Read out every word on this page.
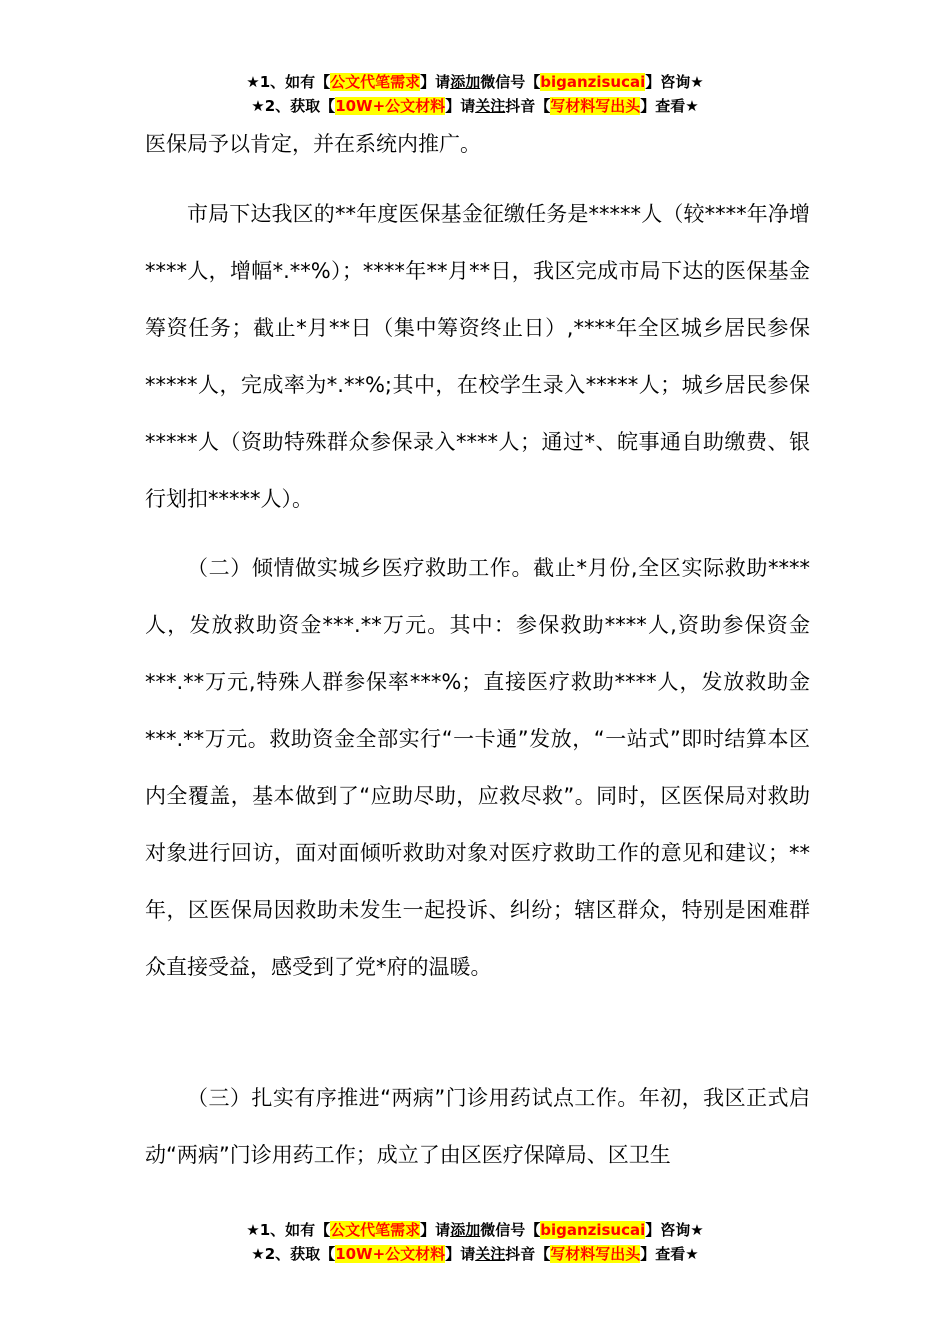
★1、如有【公文代笔需求】请添加微信号【biganzisucai】咨询★
★2、获取【10W+公文材料】请关注抖音【写材料写出头】查看★

医保局予以肯定，并在系统内推广。

市局下达我区的**年度医保基金征缴任务是*****人（较****年净增****人，增幅*.**%）；****年**月**日，我区完成市局下达的医保基金筹资任务；截止*月**日（集中筹资终止日）,****年全区城乡居民参保*****人，完成率为*.**%;其中，在校学生录入*****人；城乡居民参保*****人（资助特殊群众参保录入****人；通过*、皖事通自助缴费、银行划扣*****人）。

（二）倾情做实城乡医疗救助工作。截止*月份,全区实际救助****人，发放救助资金***.**万元。其中：参保救助****人,资助参保资金***.**万元,特殊人群参保率***%；直接医疗救助****人，发放救助金***.**万元。救助资金全部实行“一卡通”发放，“一站式”即时结算本区内全覆盖，基本做到了“应助尽助，应救尽救”。同时，区医保局对救助对象进行回访，面对面倾听救助对象对医疗救助工作的意见和建议；**年，区医保局因救助未发生一起投诉、纠纷；辖区群众，特别是困难群众直接受益，感受到了党*府的温暖。

（三）扎实有序推进“两病”门诊用药试点工作。年初，我区正式启动“两病”门诊用药工作；成立了由区医疗保障局、区卫生

★1、如有【公文代笔需求】请添加微信号【biganzisucai】咨询★
★2、获取【10W+公文材料】请关注抖音【写材料写出头】查看★
